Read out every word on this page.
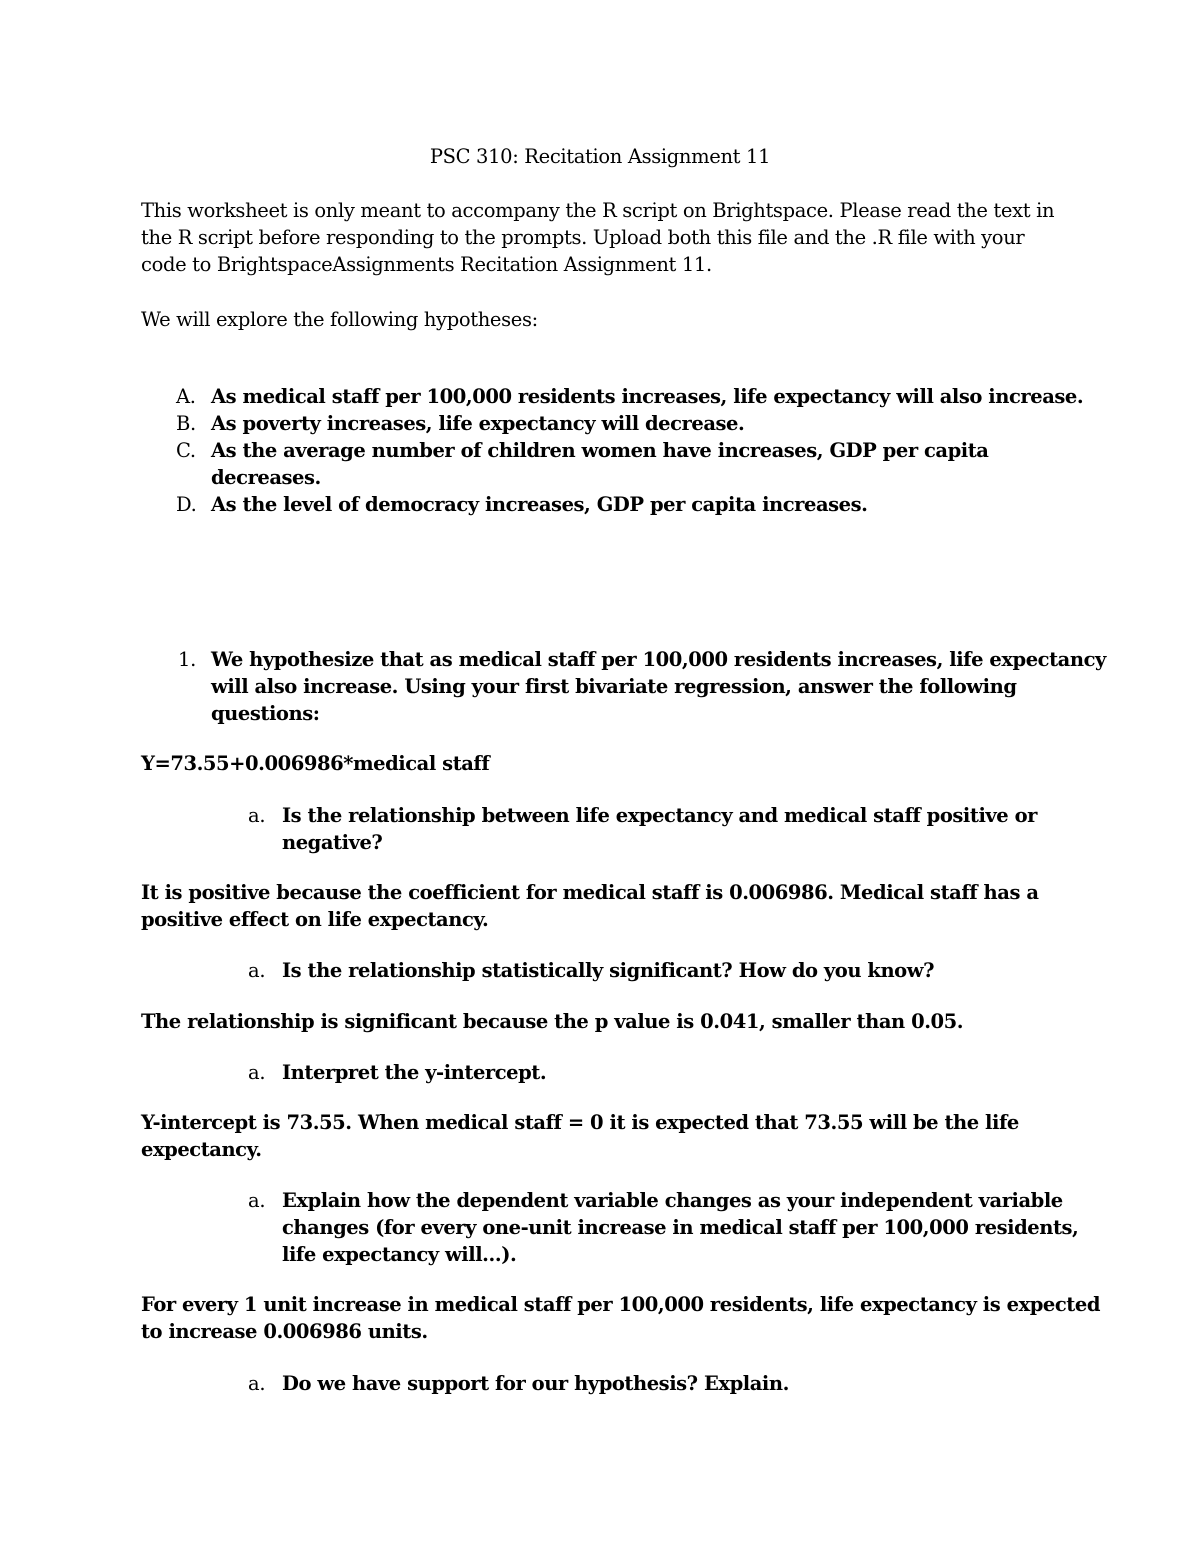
PSC 310: Recitation Assignment 11
This worksheet is only meant to accompany the R script on Brightspace. Please read the text in
the R script before responding to the prompts. Upload both this file and the .R file with your
code to BrightspaceAssignments Recitation Assignment 11.
We will explore the following hypotheses:
A. As medical staff per 100,000 residents increases, life expectancy will also increase.
B. As poverty increases, life expectancy will decrease.
C. As the average number of children women have increases, GDP per capita
decreases.
D. As the level of democracy increases, GDP per capita increases.
1. We hypothesize that as medical staff per 100,000 residents increases, life expectancy
will also increase. Using your first bivariate regression, answer the following
questions:
Y=73.55+0.006986*medical staff
a. Is the relationship between life expectancy and medical staff positive or
negative?
It is positive because the coefficient for medical staff is 0.006986. Medical staff has a
positive effect on life expectancy.
a. Is the relationship statistically significant? How do you know?
The relationship is significant because the p value is 0.041, smaller than 0.05.
a. Interpret the y-intercept.
Y-intercept is 73.55. When medical staff = 0 it is expected that 73.55 will be the life
expectancy.
a. Explain how the dependent variable changes as your independent variable
changes (for every one-unit increase in medical staff per 100,000 residents,
life expectancy will…).
For every 1 unit increase in medical staff per 100,000 residents, life expectancy is expected
to increase 0.006986 units.
a. Do we have support for our hypothesis? Explain.
